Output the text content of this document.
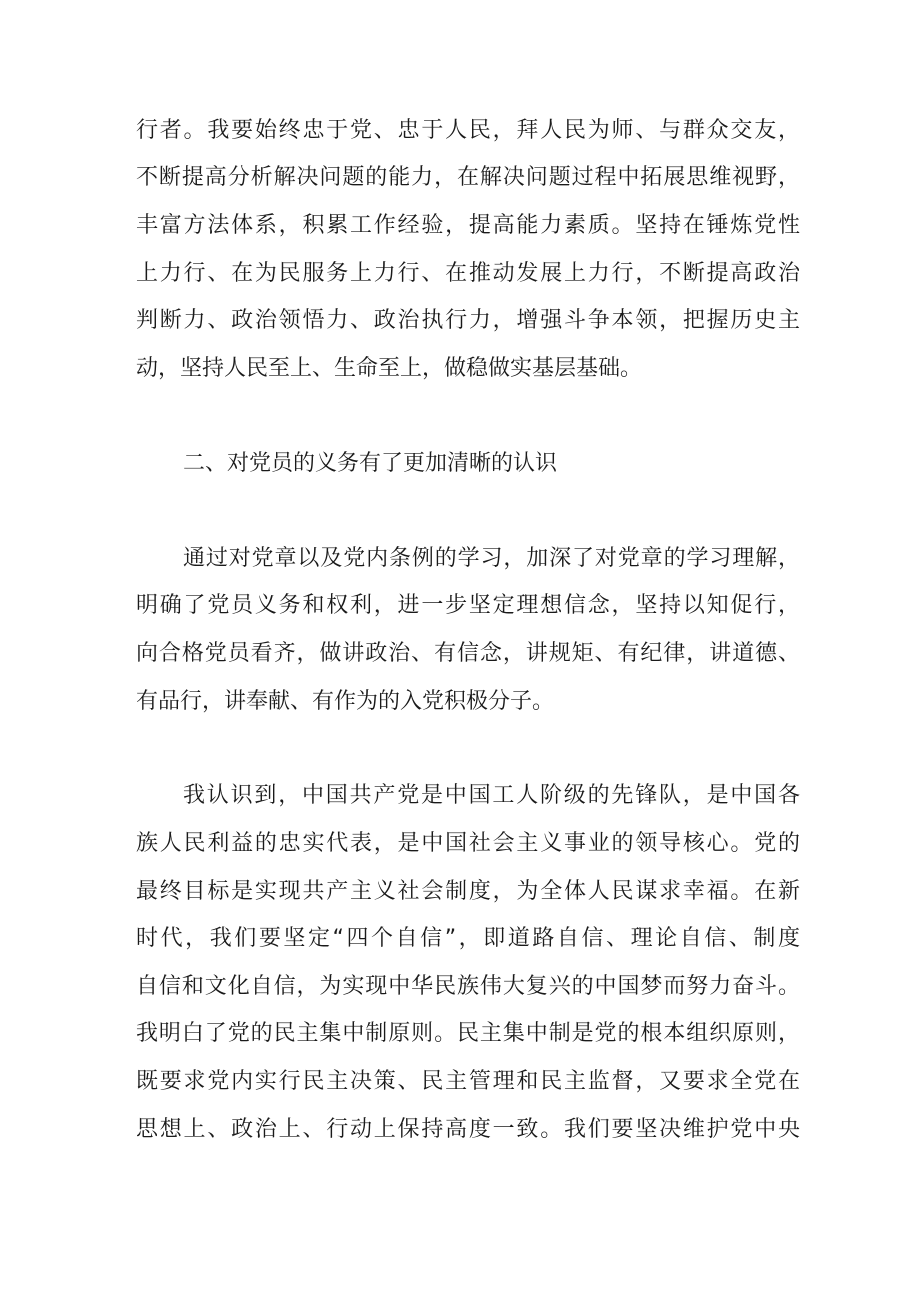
行者。我要始终忠于党、忠于人民，拜人民为师、与群众交友，
不断提高分析解决问题的能力，在解决问题过程中拓展思维视野，
丰富方法体系，积累工作经验，提高能力素质。坚持在锤炼党性
上力行、在为民服务上力行、在推动发展上力行，不断提高政治
判断力、政治领悟力、政治执行力，增强斗争本领，把握历史主
动，坚持人民至上、生命至上，做稳做实基层基础。
二、对党员的义务有了更加清晰的认识
通过对党章以及党内条例的学习，加深了对党章的学习理解，
明确了党员义务和权利，进一步坚定理想信念，坚持以知促行，
向合格党员看齐，做讲政治、有信念，讲规矩、有纪律，讲道德、
有品行，讲奉献、有作为的入党积极分子。
我认识到，中国共产党是中国工人阶级的先锋队，是中国各
族人民利益的忠实代表，是中国社会主义事业的领导核心。党的
最终目标是实现共产主义社会制度，为全体人民谋求幸福。在新
时代，我们要坚定“四个自信”，即道路自信、理论自信、制度
自信和文化自信，为实现中华民族伟大复兴的中国梦而努力奋斗。
我明白了党的民主集中制原则。民主集中制是党的根本组织原则，
既要求党内实行民主决策、民主管理和民主监督，又要求全党在
思想上、政治上、行动上保持高度一致。我们要坚决维护党中央
